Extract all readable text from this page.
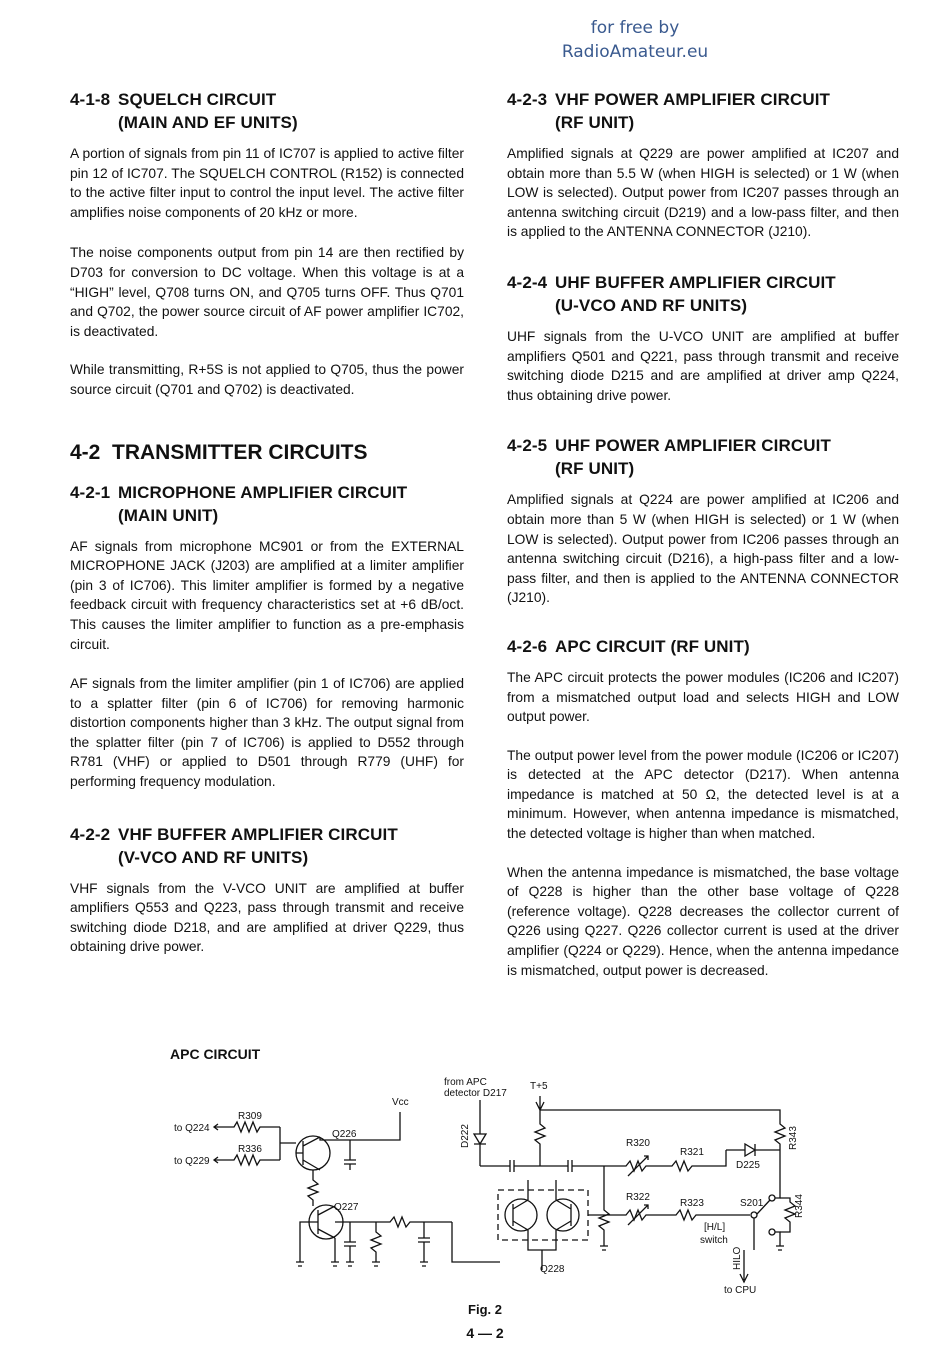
for free by
RadioAmateur.eu
4-1-8 SQUELCH CIRCUIT
(MAIN AND EF UNITS)

A portion of signals from pin 11 of IC707 is applied to active filter pin 12 of IC707. The SQUELCH CONTROL (R152) is connected to the active filter input to control the input level. The active filter amplifies noise components of 20 kHz or more.

The noise components output from pin 14 are then rectified by D703 for conversion to DC voltage. When this voltage is at a “HIGH” level, Q708 turns ON, and Q705 turns OFF. Thus Q701 and Q702, the power source circuit of AF power amplifier IC702, is deactivated.

While transmitting, R+5S is not applied to Q705, thus the power source circuit (Q701 and Q702) is deactivated.

4-2 TRANSMITTER CIRCUITS
4-2-1 MICROPHONE AMPLIFIER CIRCUIT
(MAIN UNIT)

AF signals from microphone MC901 or from the EXTERNAL MICROPHONE JACK (J203) are amplified at a limiter amplifier (pin 3 of IC706). This limiter amplifier is formed by a negative feedback circuit with frequency characteristics set at +6 dB/oct. This causes the limiter amplifier to function as a pre-emphasis circuit.

AF signals from the limiter amplifier (pin 1 of IC706) are applied to a splatter filter (pin 6 of IC706) for removing harmonic distortion components higher than 3 kHz. The output signal from the splatter filter (pin 7 of IC706) is applied to D552 through R781 (VHF) or applied to D501 through R779 (UHF) for performing frequency modulation.

4-2-2 VHF BUFFER AMPLIFIER CIRCUIT
(V-VCO AND RF UNITS)

VHF signals from the V-VCO UNIT are amplified at buffer amplifiers Q553 and Q223, pass through transmit and receive switching diode D218, and are amplified at driver Q229, thus obtaining drive power.

4-2-3 VHF POWER AMPLIFIER CIRCUIT
(RF UNIT)

Amplified signals at Q229 are power amplified at IC207 and obtain more than 5.5 W (when HIGH is selected) or 1 W (when LOW is selected). Output power from IC207 passes through an antenna switching circuit (D219) and a low-pass filter, and then is applied to the ANTENNA CONNECTOR (J210).

4-2-4 UHF BUFFER AMPLIFIER CIRCUIT
(U-VCO AND RF UNITS)

UHF signals from the U-VCO UNIT are amplified at buffer amplifiers Q501 and Q221, pass through transmit and receive switching diode D215 and are amplified at driver amp Q224, thus obtaining drive power.

4-2-5 UHF POWER AMPLIFIER CIRCUIT
(RF UNIT)

Amplified signals at Q224 are power amplified at IC206 and obtain more than 5 W (when HIGH is selected) or 1 W (when LOW is selected). Output power from IC206 passes through an antenna switching circuit (D216), a high-pass filter and a low-pass filter, and then is applied to the ANTENNA CONNECTOR (J210).

4-2-6 APC CIRCUIT (RF UNIT)

The APC circuit protects the power modules (IC206 and IC207) from a mismatched output load and selects HIGH and LOW output power.

The output power level from the power module (IC206 or IC207) is detected at the APC detector (D217). When antenna impedance is matched at 50 Ω, the detected level is at a minimum. However, when antenna impedance is mismatched, the detected voltage is higher than when matched.

When the antenna impedance is mismatched, the base voltage of Q228 is higher than the other base voltage of Q228 (reference voltage). Q228 decreases the collector current of Q226 using Q227. Q226 collector current is used at the driver amplifier (Q224 or Q229). Hence, when the antenna impedance is mismatched, output power is decreased.

APC CIRCUIT
to Q224
to Q229
R309
R336
Q226
Vcc
Q227
from APC
detector D217
T+5
D222
Q228
R320
R321
D225
R343
R322
R323	S201	R344
[H/L]
switch
HILO
to CPU
Fig. 2
4 — 2
